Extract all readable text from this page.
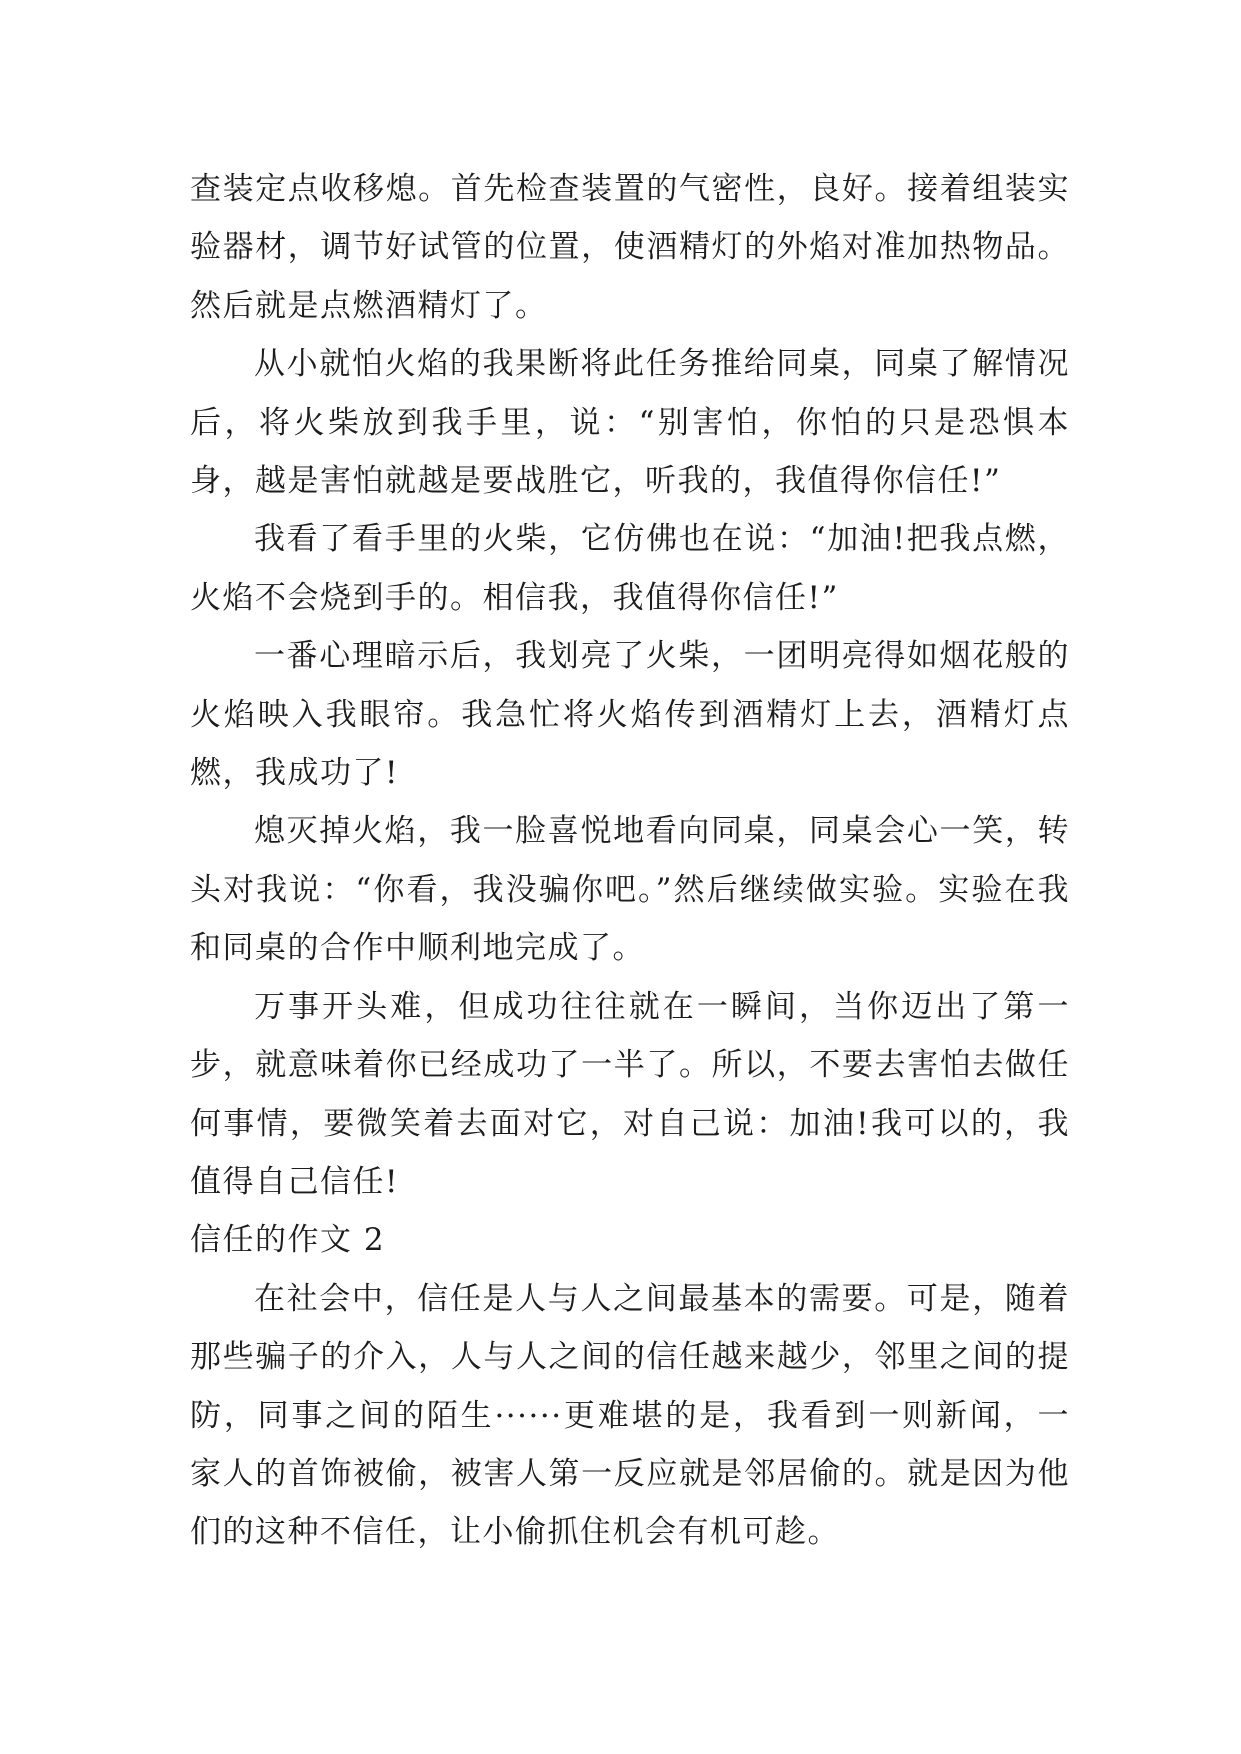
查装定点收移熄。首先检查装置的气密性，良好。接着组装实验器材，调节好试管的位置，使酒精灯的外焰对准加热物品。然后就是点燃酒精灯了。

从小就怕火焰的我果断将此任务推给同桌，同桌了解情况后，将火柴放到我手里，说：“别害怕，你怕的只是恐惧本身，越是害怕就越是要战胜它，听我的，我值得你信任!”

我看了看手里的火柴，它仿佛也在说：“加油!把我点燃，火焰不会烧到手的。相信我，我值得你信任!”

一番心理暗示后，我划亮了火柴，一团明亮得如烟花般的火焰映入我眼帘。我急忙将火焰传到酒精灯上去，酒精灯点燃，我成功了!

熄灭掉火焰，我一脸喜悦地看向同桌，同桌会心一笑，转头对我说：“你看，我没骗你吧。”然后继续做实验。实验在我和同桌的合作中顺利地完成了。

万事开头难，但成功往往就在一瞬间，当你迈出了第一步，就意味着你已经成功了一半了。所以，不要去害怕去做任何事情，要微笑着去面对它，对自己说：加油!我可以的，我值得自己信任!

信任的作文 2

在社会中，信任是人与人之间最基本的需要。可是，随着那些骗子的介入，人与人之间的信任越来越少，邻里之间的提防，同事之间的陌生······更难堪的是，我看到一则新闻，一家人的首饰被偷，被害人第一反应就是邻居偷的。就是因为他们的这种不信任，让小偷抓住机会有机可趁。
